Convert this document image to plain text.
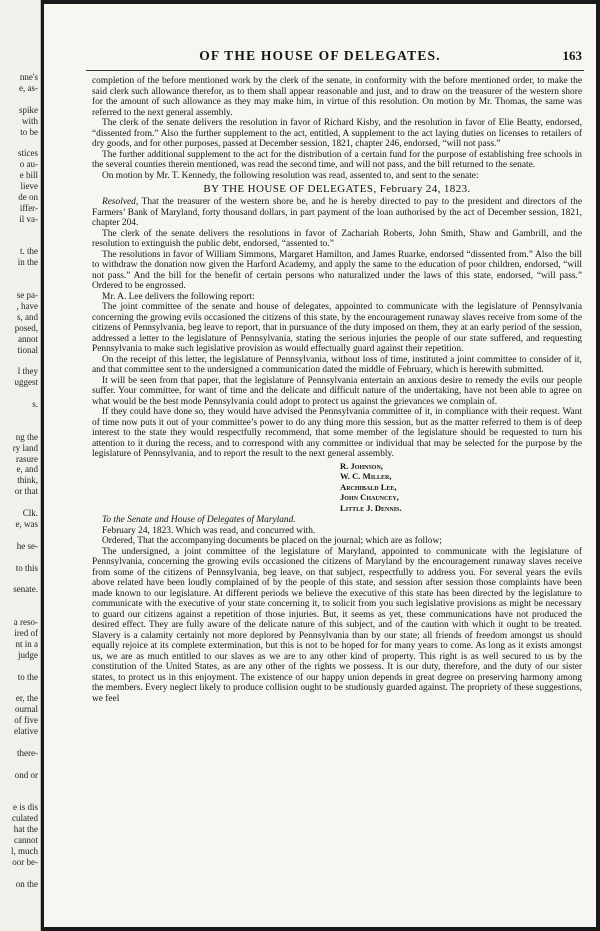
nne's
e, as-
spike
with
to be
stices
o au-
e bill
lieve
de on
iffer-
il va-
t. the
in the
se pa-
, have
s, and
posed,
annot
tional
l they
uggest
s.
ng the
ry land
rasure
e, and
think,
or that
Clk.
e, was
he se-
to this
senate.
a reso-
ired of
nt in a
judge
to the
er, the
ournal
of five
elative
there-
ond or
e is dis
culated
hat the
cannot
l, much
oor be-
on the
OF THE HOUSE OF DELEGATES.	163

completion of the before mentioned work by the clerk of the senate, in conformity with the before mentioned order, to make the said clerk such allowance therefor, as to them shall appear reasonable and just, and to draw on the treasurer of the western shore for the amount of such allowance as they may make him, in virtue of this resolution. On motion by Mr. Thomas, the same was referred to the next general assembly.

The clerk of the senate delivers the resolution in favor of Richard Kisby, and the resolution in favor of Elie Beatty, endorsed, “dissented from.” Also the further supplement to the act, entitled, A supplement to the act laying duties on licenses to retailers of dry goods, and for other purposes, passed at December session, 1821, chapter 246, endorsed, “will not pass.”

The further additional supplement to the act for the distribution of a certain fund for the purpose of establishing free schools in the several counties therein mentioned, was read the second time, and will not pass, and the bill returned to the senate.

On motion by Mr. T. Kennedy, the following resolution was read, assented to, and sent to the senate:

BY THE HOUSE OF DELEGATES, February 24, 1823.

Resolved, That the treasurer of the western shore be, and he is hereby directed to pay to the president and directors of the Farmers’ Bank of Maryland, forty thousand dollars, in part payment of the loan authorised by the act of December session, 1821, chapter 204.

The clerk of the senate delivers the resolutions in favor of Zachariah Roberts, John Smith, Shaw and Gambrill, and the resolution to extinguish the public debt, endorsed, “assented to.”

The resolutions in favor of William Simmons, Margaret Hamilton, and James Ruarke, endorsed “dissented from.” Also the bill to withdraw the donation now given the Harford Academy, and apply the same to the education of poor children, endorsed, “will not pass.” And the bill for the benefit of certain persons who naturalized under the laws of this state, endorsed, “will pass.” Ordered to be engrossed.

Mr. A. Lee delivers the following report:

The joint committee of the senate and house of delegates, appointed to communicate with the legislature of Pennsylvania concerning the growing evils occasioned the citizens of this state, by the encouragement runaway slaves receive from some of the citizens of Pennsylvania, beg leave to report, that in pursuance of the duty imposed on them, they at an early period of the session, addressed a letter to the legislature of Pennsylvania, stating the serious injuries the people of our state suffered, and requesting Pennsylvania to make such legislative provision as would effectually guard against their repetition.

On the receipt of this letter, the legislature of Pennsylvania, without loss of time, instituted a joint committee to consider of it, and that committee sent to the undersigned a communication dated the middle of February, which is herewith submitted.

It will be seen from that paper, that the legislature of Pennsylvania entertain an anxious desire to remedy the evils our people suffer. Your committee, for want of time and the delicate and difficult nature of the undertaking, have not been able to agree on what would be the best mode Pennsylvania could adopt to protect us against the grievances we complain of.

If they could have done so, they would have advised the Pennsylvania committee of it, in compliance with their request. Want of time now puts it out of your committee’s power to do any thing more this session, but as the matter referred to them is of deep interest to the state they would respectfully recommend, that some member of the legislature should be requested to turn his attention to it during the recess, and to correspond with any committee or individual that may be selected for the purpose by the legislature of Pennsylvania, and to report the result to the next general assembly.

R. Johnson,
W. C. Miller,
Archibald Lee,
John Chauncey,
Little J. Dennis.

To the Senate and House of Delegates of Maryland.

February 24, 1823. Which was read, and concurred with.

Ordered, That the accompanying documents be placed on the journal; which are as follow;

The undersigned, a joint committee of the legislature of Maryland, appointed to communicate with the legislature of Pennsylvania, concerning the growing evils occasioned the citizens of Maryland by the encouragement runaway slaves receive from some of the citizens of Pennsylvania, beg leave, on that subject, respectfully to address you. For several years the evils above related have been loudly complained of by the people of this state, and session after session those complaints have been made known to our legislature. At different periods we believe the executive of this state has been directed by the legislature to communicate with the executive of your state concerning it, to solicit from you such legislative provisions as might be necessary to guard our citizens against a repetition of those injuries. But, it seems as yet, these communications have not produced the desired effect. They are fully aware of the delicate nature of this subject, and of the caution with which it ought to be treated. Slavery is a calamity certainly not more deplored by Pennsylvania than by our state; all friends of freedom amongst us should equally rejoice at its complete extermination, but this is not to be hoped for for many years to come. As long as it exists amongst us, we are as much entitled to our slaves as we are to any other kind of property. This right is as well secured to us by the constitution of the United States, as are any other of the rights we possess. It is our duty, therefore, and the duty of our sister states, to protect us in this enjoyment. The existence of our happy union depends in great degree on preserving harmony among the members. Every neglect likely to produce collision ought to be studiously guarded against. The propriety of these suggestions, we feel
